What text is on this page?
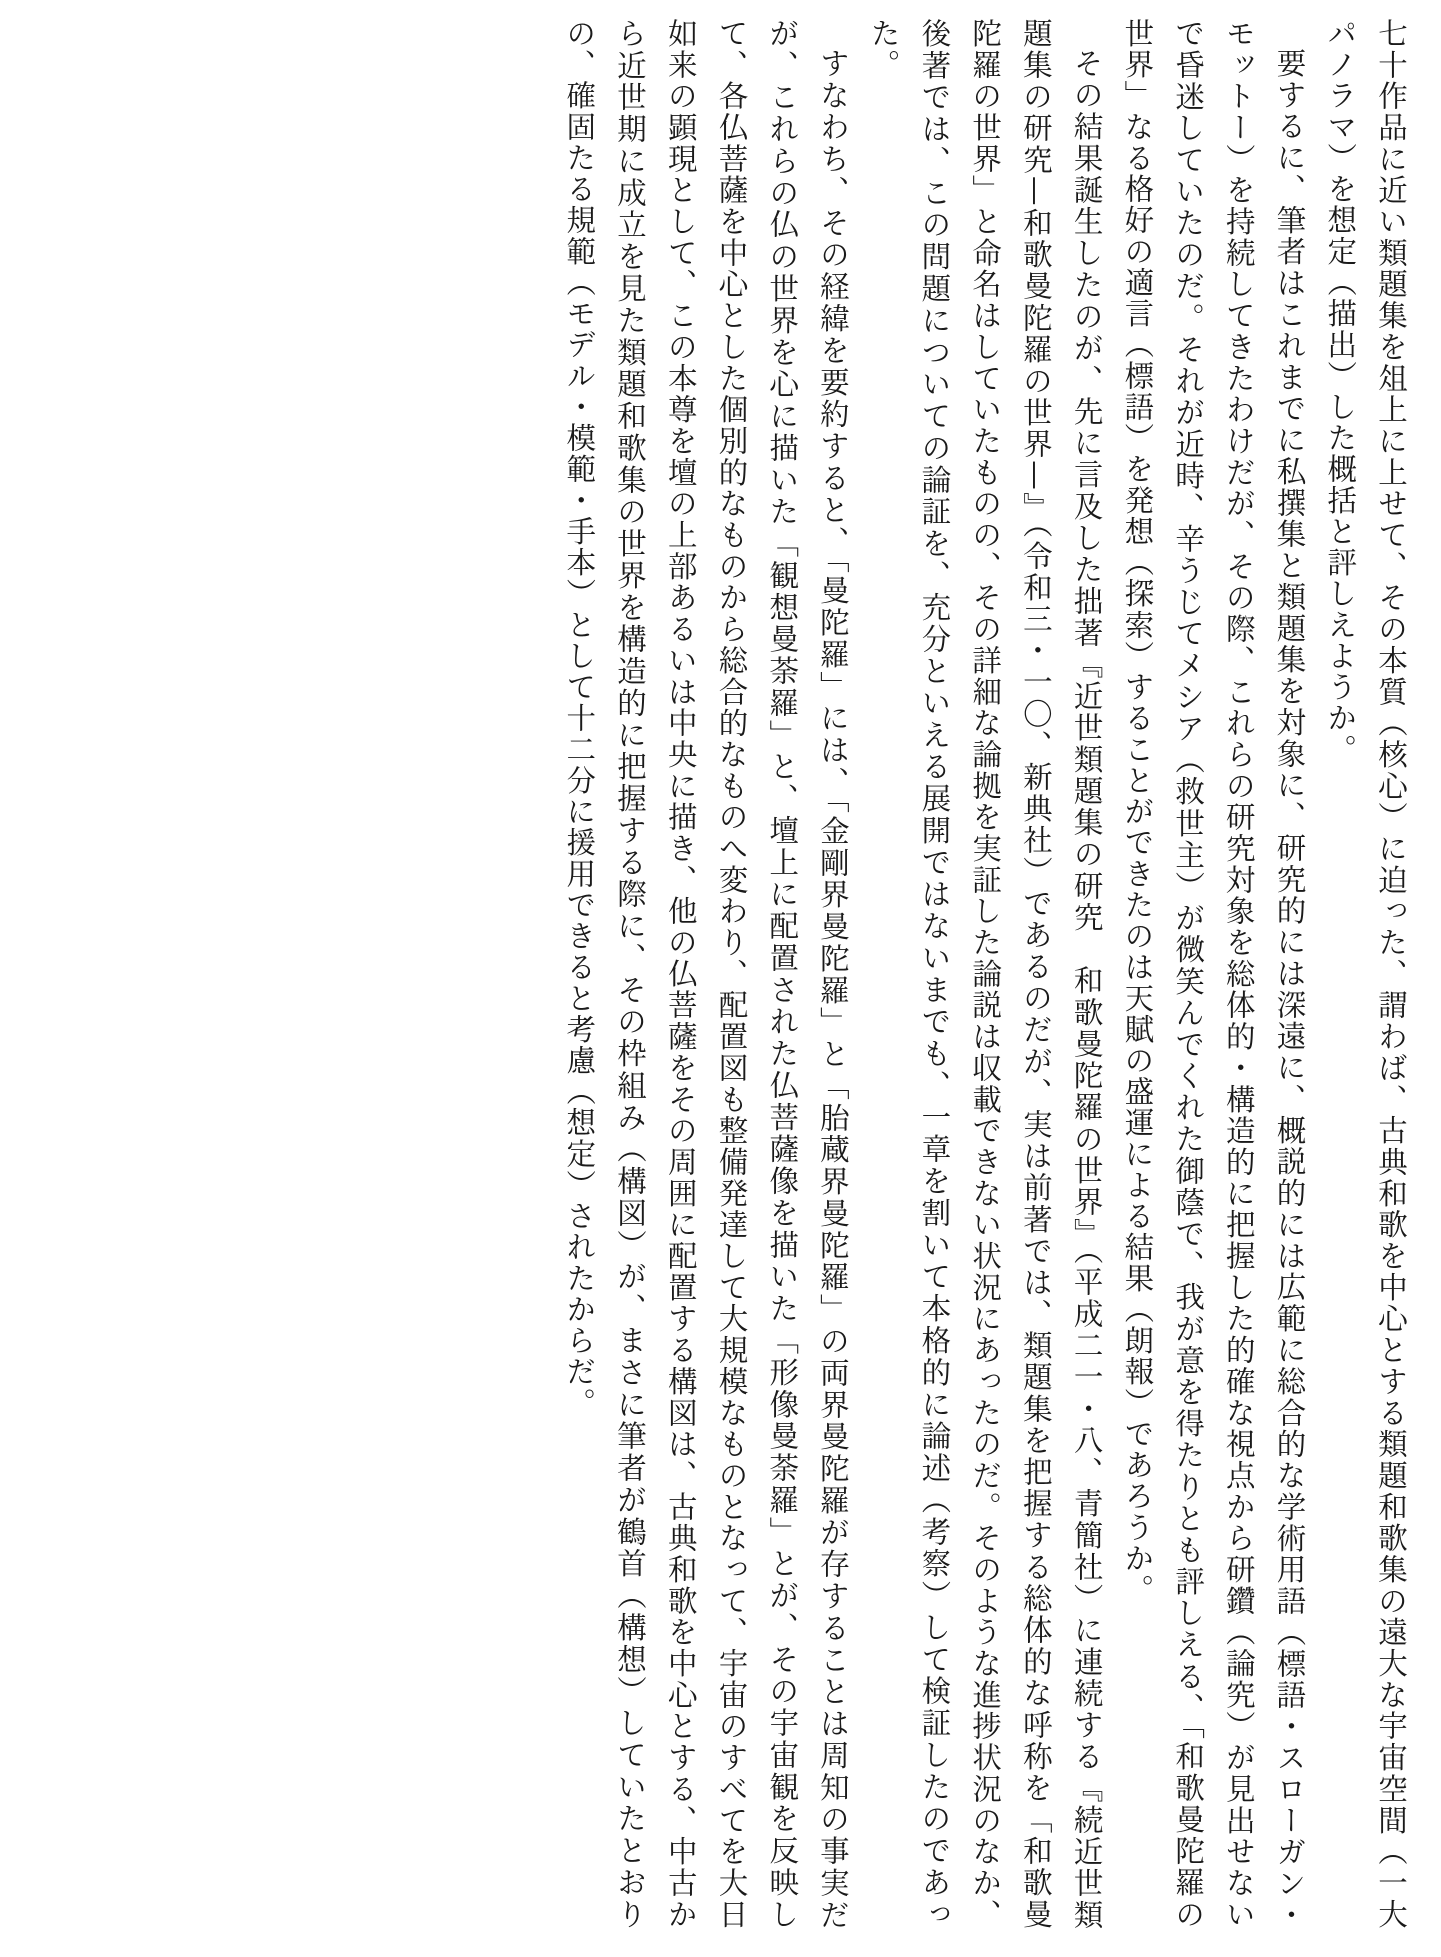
七十作品に近い類題集を俎上に上せて、その本質（核心）に迫った、謂わば、古典和歌を中心とする類題和歌集の遠大な宇宙空間（一大パノラマ）を想定（描出）した概括と評しえようか。

要するに、筆者はこれまでに私撰集と類題集を対象に、研究的には深遠に、概説的には広範に総合的な学術用語（標語・スローガン・モットー）を持続してきたわけだが、その際、これらの研究対象を総体的・構造的に把握した的確な視点から研鑽（論究）が見出せないで昏迷していたのだ。それが近時、辛うじてメシア（救世主）が微笑んでくれた御蔭で、我が意を得たりとも評しえる、「和歌曼陀羅の世界」なる格好の適言（標語）を発想（探索）することができたのは天賦の盛運による結果（朗報）であろうか。

その結果誕生したのが、先に言及した拙著『近世類題集の研究　和歌曼陀羅の世界』（平成二一・八、青簡社）に連続する『続近世類題集の研究—和歌曼陀羅の世界—』（令和三・一〇、新典社）であるのだが、実は前著では、類題集を把握する総体的な呼称を「和歌曼陀羅の世界」と命名はしていたものの、その詳細な論拠を実証した論説は収載できない状況にあったのだ。そのような進捗状況のなか、後著では、この問題についての論証を、充分といえる展開ではないまでも、一章を割いて本格的に論述（考察）して検証したのであった。

すなわち、その経緯を要約すると、「曼陀羅」には、「金剛界曼陀羅」と「胎蔵界曼陀羅」の両界曼陀羅が存することは周知の事実だが、これらの仏の世界を心に描いた「観想曼荼羅」と、壇上に配置された仏菩薩像を描いた「形像曼荼羅」とが、その宇宙観を反映して、各仏菩薩を中心とした個別的なものから総合的なものへ変わり、配置図も整備発達して大規模なものとなって、宇宙のすべてを大日如来の顕現として、この本尊を壇の上部あるいは中央に描き、他の仏菩薩をその周囲に配置する構図は、古典和歌を中心とする、中古から近世期に成立を見た類題和歌集の世界を構造的に把握する際に、その枠組み（構図）が、まさに筆者が鶴首（構想）していたとおりの、確固たる規範（モデル・模範・手本）として十二分に援用できると考慮（想定）されたからだ。
